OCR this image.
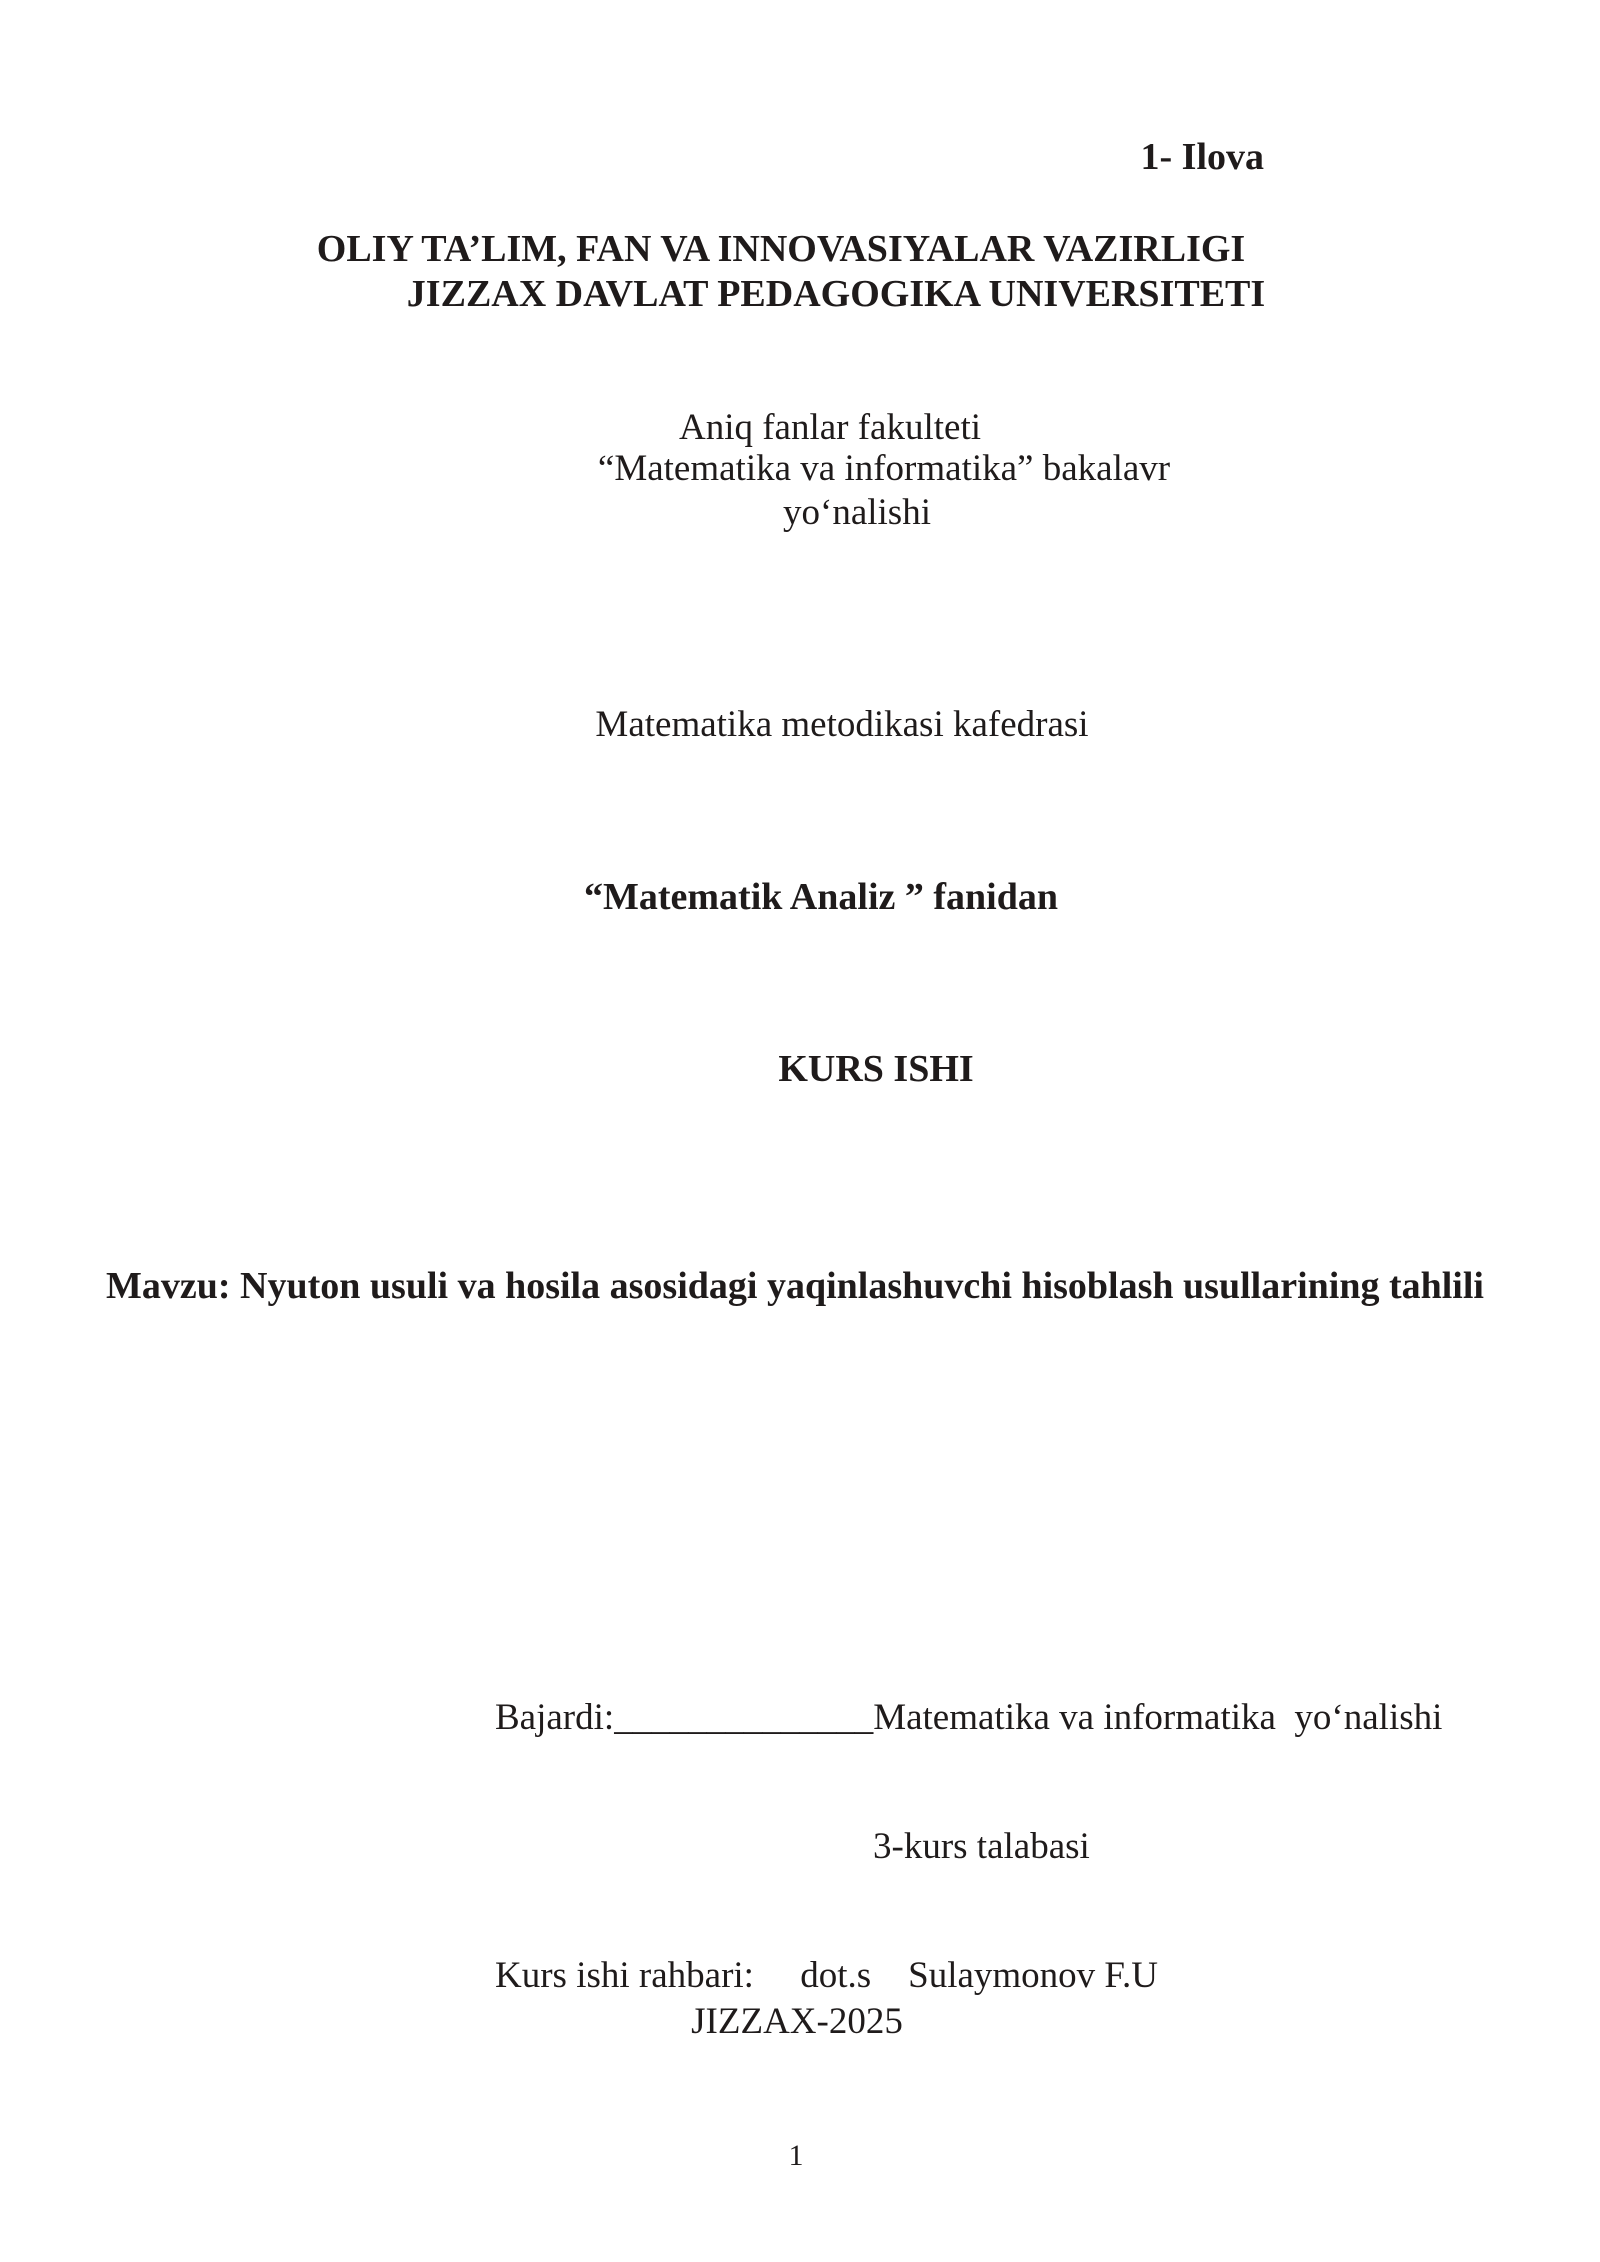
1- Ilova
OLIY TA’LIM, FAN VA INNOVASIYALAR VAZIRLIGI
JIZZAX DAVLAT PEDAGOGIKA UNIVERSITETI
Aniq fanlar fakulteti
“Matematika va informatika” bakalavr
yo‘nalishi
Matematika metodikasi kafedrasi
“Matematik Analiz ” fanidan
KURS ISHI
Mavzu: Nyuton usuli va hosila asosidagi yaqinlashuvchi hisoblash usullarining tahlili

Bajardi:______________Matematika va informatika  yo‘nalishi

3-kurs talabasi

Kurs ishi rahbari:     dot.s    Sulaymonov F.U

JIZZAX-2025
1
